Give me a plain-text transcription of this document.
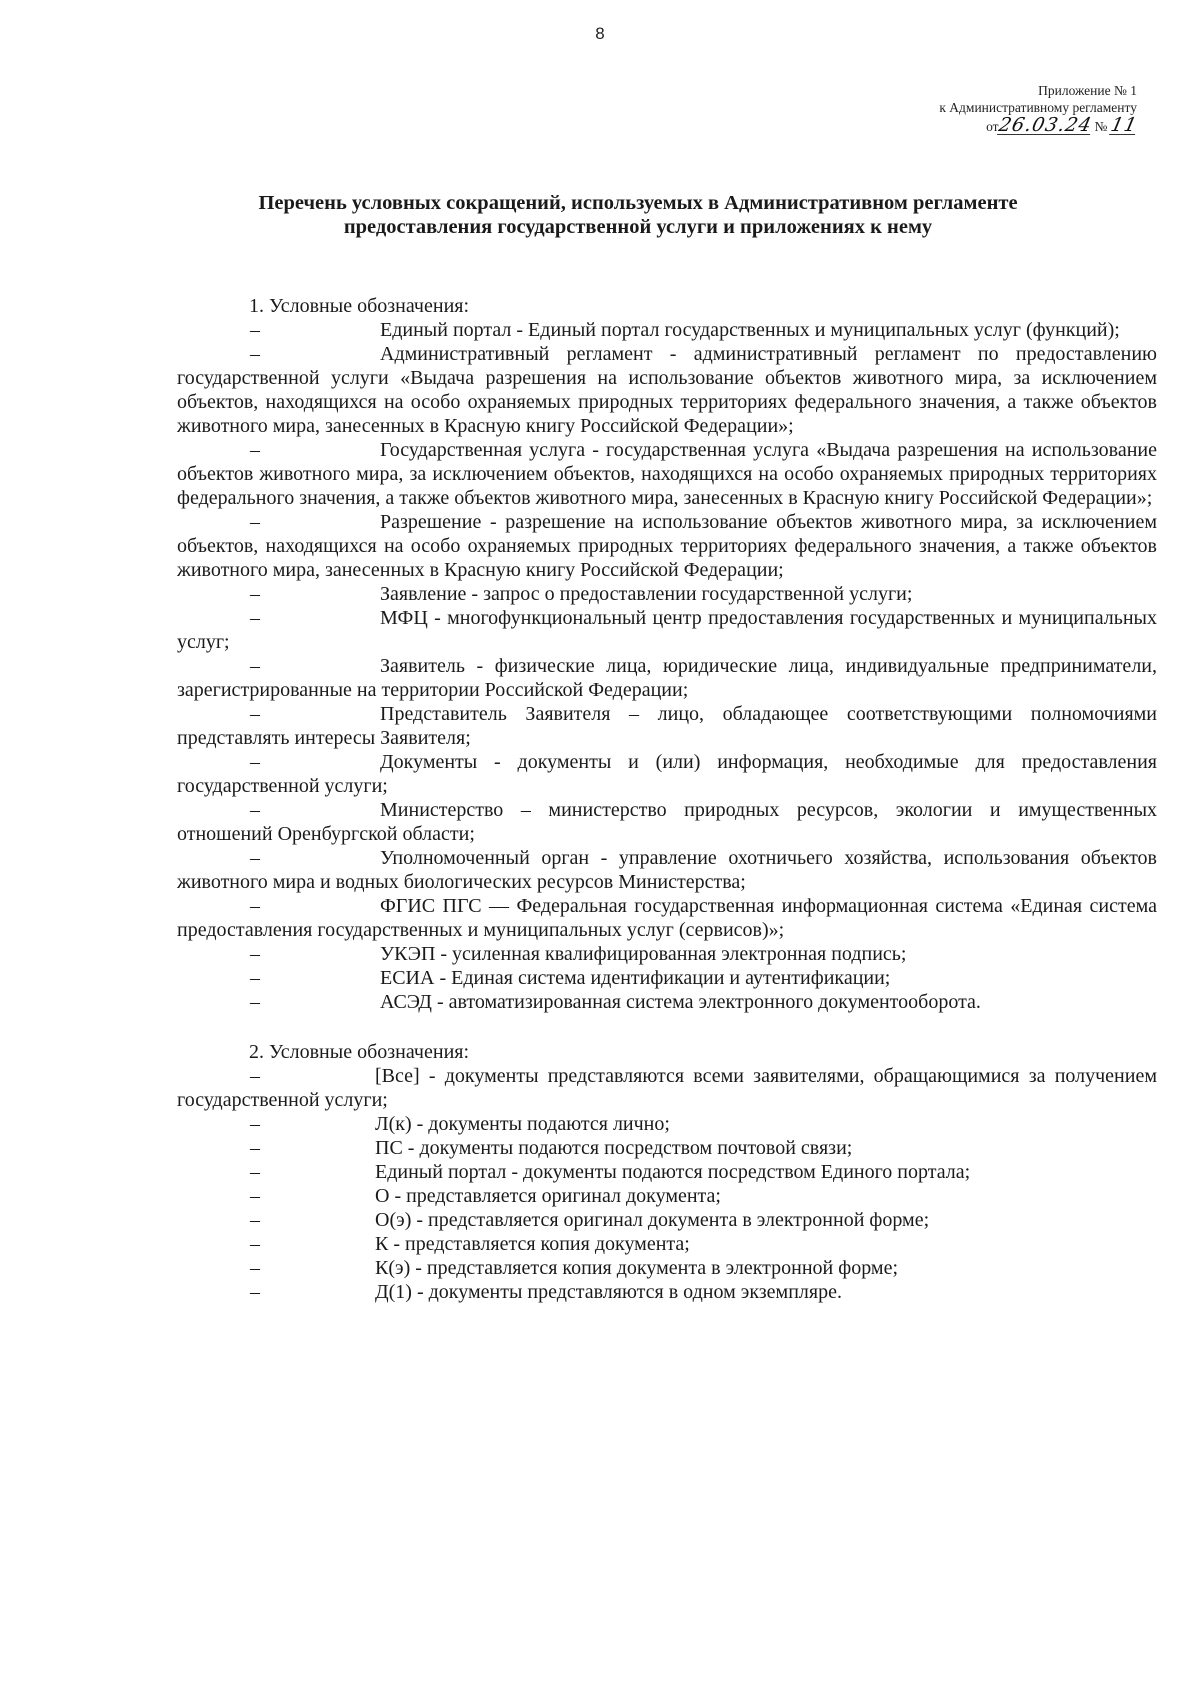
8
Приложение № 1
к Административному регламенту
от26.03.24 № 11
Перечень условных сокращений, используемых в Административном регламенте
предоставления государственной услуги и приложениях к нему
1. Условные обозначения:
–	Единый портал - Единый портал государственных и муниципальных услуг (функций);
–	Административный регламент - административный регламент по предоставлению государственной услуги «Выдача разрешения на использование объектов животного мира, за исключением объектов, находящихся на особо охраняемых природных территориях федерального значения, а также объектов животного мира, занесенных в Красную книгу Российской Федерации»;
–	Государственная услуга - государственная услуга «Выдача разрешения на использование объектов животного мира, за исключением объектов, находящихся на особо охраняемых природных территориях федерального значения, а также объектов животного мира, занесенных в Красную книгу Российской Федерации»;
–	Разрешение - разрешение на использование объектов животного мира, за исключением объектов, находящихся на особо охраняемых природных территориях федерального значения, а также объектов животного мира, занесенных в Красную книгу Российской Федерации;
–	Заявление - запрос о предоставлении государственной услуги;
–	МФЦ - многофункциональный центр предоставления государственных и муниципальных услуг;
–	Заявитель - физические лица, юридические лица, индивидуальные предприниматели, зарегистрированные на территории Российской Федерации;
–	Представитель Заявителя – лицо, обладающее соответствующими полномочиями представлять интересы Заявителя;
–	Документы - документы и (или) информация, необходимые для предоставления государственной услуги;
–	Министерство – министерство природных ресурсов, экологии и имущественных отношений Оренбургской области;
–	Уполномоченный орган - управление охотничьего хозяйства, использования объектов животного мира и водных биологических ресурсов Министерства;
–	ФГИС ПГС — Федеральная государственная информационная система «Единая система предоставления государственных и муниципальных услуг (сервисов)»;
–	УКЭП - усиленная квалифицированная электронная подпись;
–	ЕСИА - Единая система идентификации и аутентификации;
–	АСЭД - автоматизированная система электронного документооборота.
2. Условные обозначения:
–	[Все] - документы представляются всеми заявителями, обращающимися за получением государственной услуги;
–	Л(к) - документы подаются лично;
–	ПС - документы подаются посредством почтовой связи;
–	Единый портал - документы подаются посредством Единого портала;
–	О - представляется оригинал документа;
–	О(э) - представляется оригинал документа в электронной форме;
–	К - представляется копия документа;
–	К(э) - представляется копия документа в электронной форме;
–	Д(1) - документы представляются в одном экземпляре.
